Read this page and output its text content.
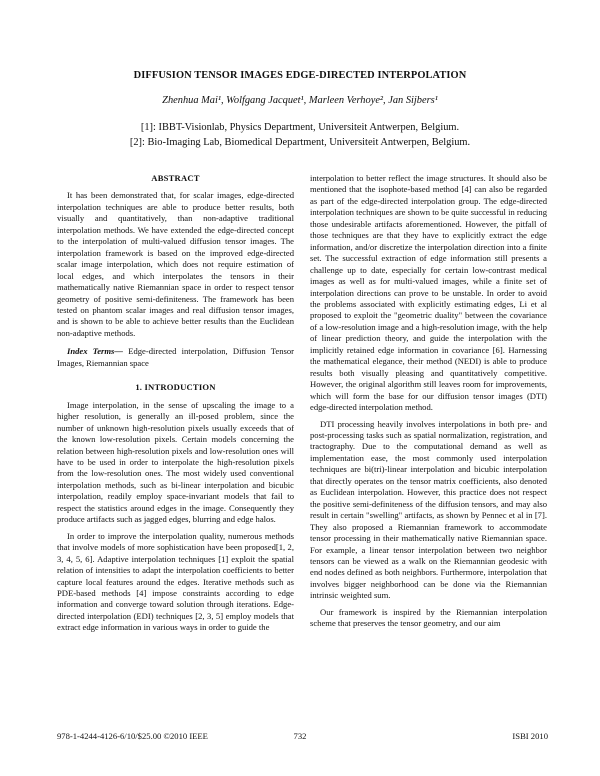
DIFFUSION TENSOR IMAGES EDGE-DIRECTED INTERPOLATION
Zhenhua Mai¹, Wolfgang Jacquet¹, Marleen Verhoye², Jan Sijbers¹
[1]: IBBT-Visionlab, Physics Department, Universiteit Antwerpen, Belgium.
[2]: Bio-Imaging Lab, Biomedical Department, Universiteit Antwerpen, Belgium.
ABSTRACT

It has been demonstrated that, for scalar images, edge-directed interpolation techniques are able to produce better results, both visually and quantitatively, than non-adaptive traditional interpolation methods. We have extended the edge-directed concept to the interpolation of multi-valued diffusion tensor images. The interpolation framework is based on the improved edge-directed scalar image interpolation, which does not require estimation of local edges, and which interpolates the tensors in their mathematically native Riemannian space in order to respect tensor geometry of positive semi-definiteness. The framework has been tested on phantom scalar images and real diffusion tensor images, and is shown to be able to achieve better results than the Euclidean non-adaptive methods.

Index Terms— Edge-directed interpolation, Diffusion Tensor Images, Riemannian space

1. INTRODUCTION

Image interpolation, in the sense of upscaling the image to a higher resolution, is generally an ill-posed problem, since the number of unknown high-resolution pixels usually exceeds that of the known low-resolution pixels. Certain models concerning the relation between high-resolution pixels and low-resolution ones will have to be used in order to interpolate the high-resolution pixels from the low-resolution ones. The most widely used conventional interpolation methods, such as bi-linear interpolation and bicubic interpolation, readily employ space-invariant models that fail to respect the statistics around edges in the image. Consequently they produce artifacts such as jagged edges, blurring and edge halos.

In order to improve the interpolation quality, numerous methods that involve models of more sophistication have been proposed[1, 2, 3, 4, 5, 6]. Adaptive interpolation techniques [1] exploit the spatial relation of intensities to adapt the interpolation coefficients to better capture local features around the edges. Iterative methods such as PDE-based methods [4] impose constraints according to edge information and converge toward solution through iterations. Edge-directed interpolation (EDI) techniques [2, 3, 5] employ models that extract edge information in various ways in order to guide the

interpolation to better reflect the image structures. It should also be mentioned that the isophote-based method [4] can also be regarded as part of the edge-directed interpolation group. The edge-directed interpolation techniques are shown to be quite successful in reducing those undesirable artifacts aforementioned. However, the pitfall of those techniques are that they have to explicitly extract the edge information, and/or discretize the interpolation direction into a finite set. The successful extraction of edge information still presents a challenge up to date, especially for certain low-contrast medical images as well as for multi-valued images, while a finite set of interpolation directions can prove to be unstable. In order to avoid the problems associated with explicitly estimating edges, Li et al proposed to exploit the "geometric duality" between the covariance of a low-resolution image and a high-resolution image, with the help of linear prediction theory, and guide the interpolation with the implicitly retained edge information in covariance [6]. Harnessing the mathematical elegance, their method (NEDI) is able to produce results both visually pleasing and quantitatively competitive. However, the original algorithm still leaves room for improvements, which will form the base for our diffusion tensor images (DTI) edge-directed interpolation method.

DTI processing heavily involves interpolations in both pre- and post-processing tasks such as spatial normalization, registration, and tractography. Due to the computational demand as well as implementation ease, the most commonly used interpolation techniques are bi(tri)-linear interpolation and bicubic interpolation that directly operates on the tensor matrix coefficients, also denoted as Euclidean interpolation. However, this practice does not respect the positive semi-definiteness of the diffusion tensors, and may also result in certain "swelling" artifacts, as shown by Pennec et al in [7]. They also proposed a Riemannian framework to accommodate tensor processing in their mathematically native Riemannian space. For example, a linear tensor interpolation between two neighbor tensors can be viewed as a walk on the Riemannian geodesic with end nodes defined as both neighbors. Furthermore, interpolation that involves bigger neighborhood can be done via the Riemannian intrinsic weighted sum.

Our framework is inspired by the Riemannian interpolation scheme that preserves the tensor geometry, and our aim

978-1-4244-4126-6/10/$25.00 ©2010 IEEE	732	ISBI 2010
